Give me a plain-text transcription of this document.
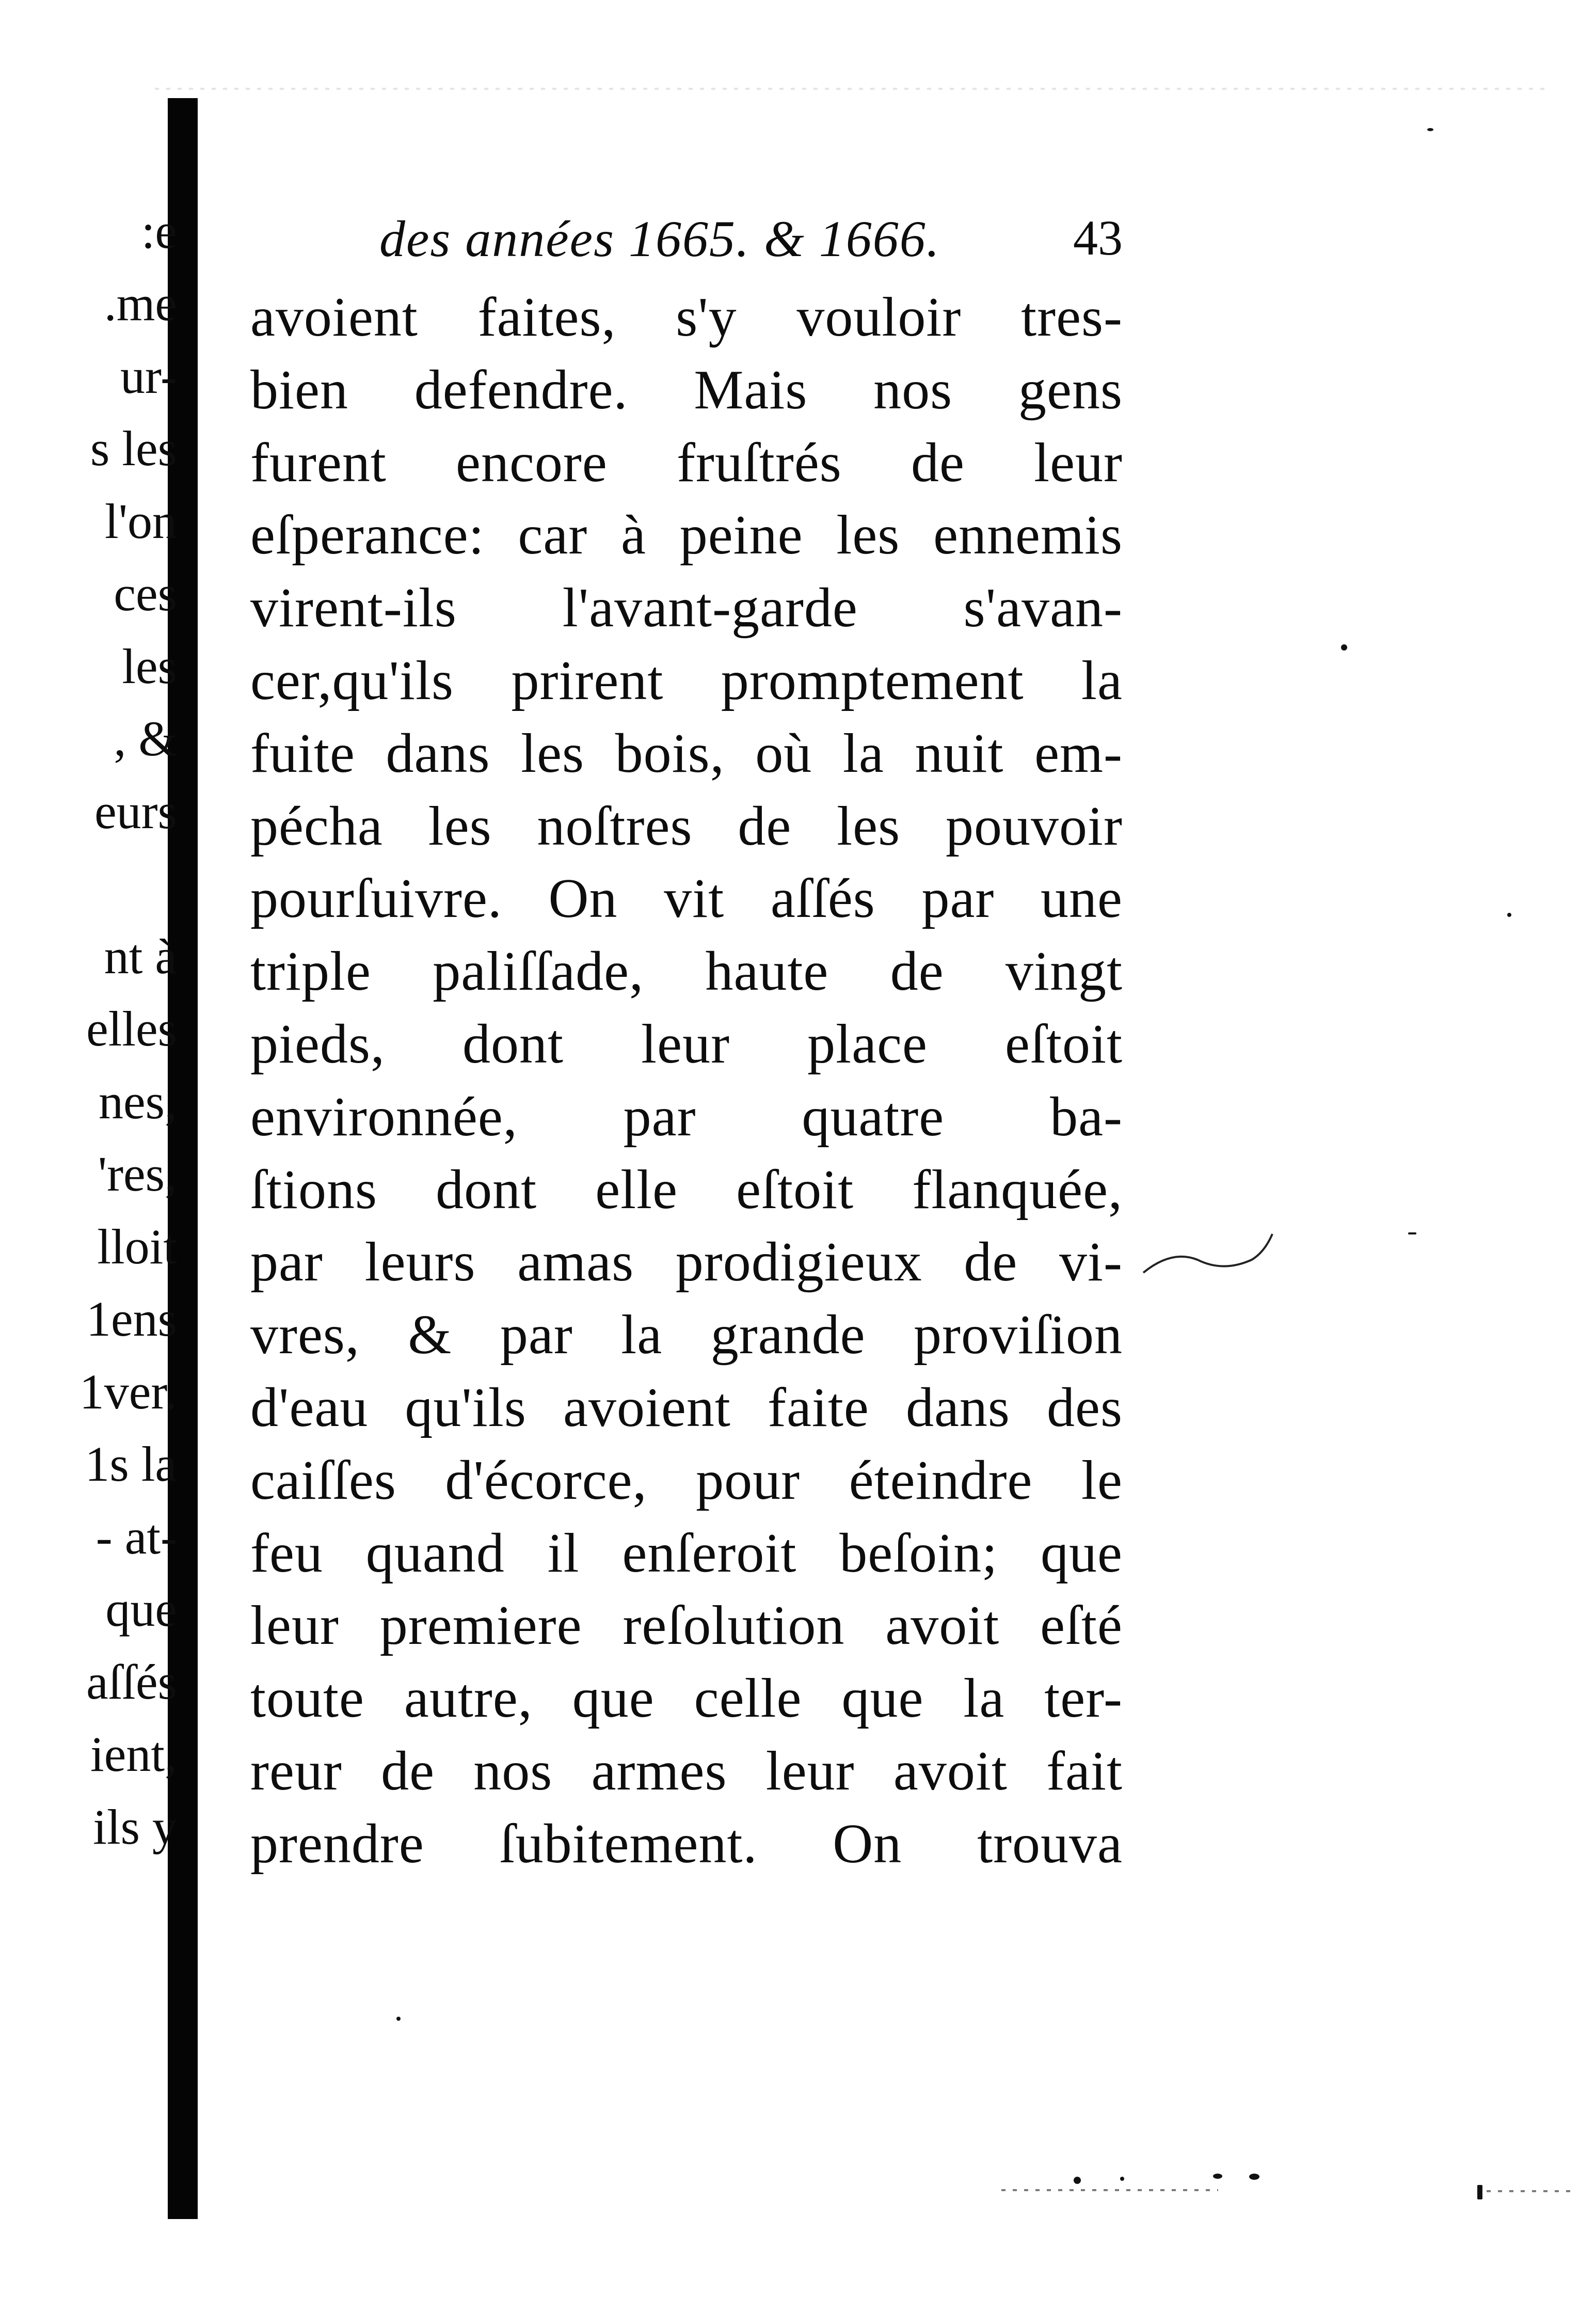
:e
.me
ur-
s les
l'on
ces
les
, &
eurs
nt à
elles
nes,
'res,
lloit
1ens
1ver.
1s la
- at-
que
aſſés
ient,
ils y
des années 1665. & 1666.	43
avoient faites, s'y vouloir tres-
bien defendre. Mais nos gens
furent encore fruſtrés de leur
eſperance: car à peine les ennemis
virent-ils l'avant-garde s'avan-
cer,qu'ils prirent promptement la
fuite dans les bois, où la nuit em-
pécha les noſtres de les pouvoir
pourſuivre. On vit aſſés par une
triple paliſſade, haute de vingt
pieds, dont leur place eſtoit
environnée, par quatre ba-
ſtions dont elle eſtoit flanquée,
par leurs amas prodigieux de vi-
vres, & par la grande proviſion
d'eau qu'ils avoient faite dans des
caiſſes d'écorce, pour éteindre le
feu quand il enſeroit beſoin; que
leur premiere reſolution avoit eſté
toute autre, que celle que la ter-
reur de nos armes leur avoit fait
prendre ſubitement. On trouva
